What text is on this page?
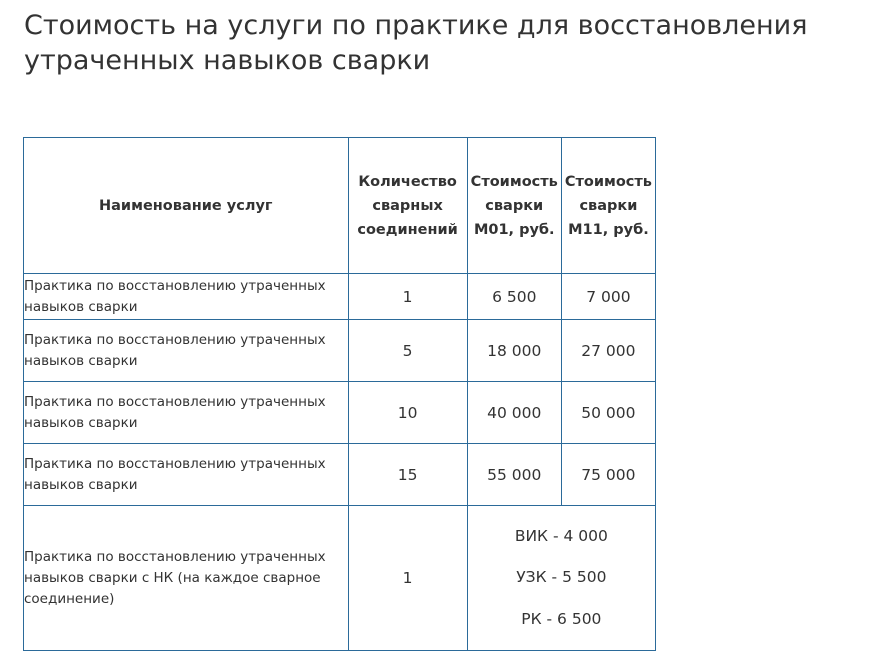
Стоимость на услуги по практике для восстановления утраченных навыков сварки
Наименование услуг	Количество сварных соединений	Стоимость сварки М01, руб.	Стоимость сварки М11, руб.
Практика по восстановлению утраченных навыков сварки	1	6 500	7 000
Практика по восстановлению утраченных навыков сварки	5	18 000	27 000
Практика по восстановлению утраченных навыков сварки	10	40 000	50 000
Практика по восстановлению утраченных навыков сварки	15	55 000	75 000
Практика по восстановлению утраченных навыков сварки с НК (на каждое сварное соединение)	1	ВИК - 4 000
УЗК - 5 500
РК - 6 500	
